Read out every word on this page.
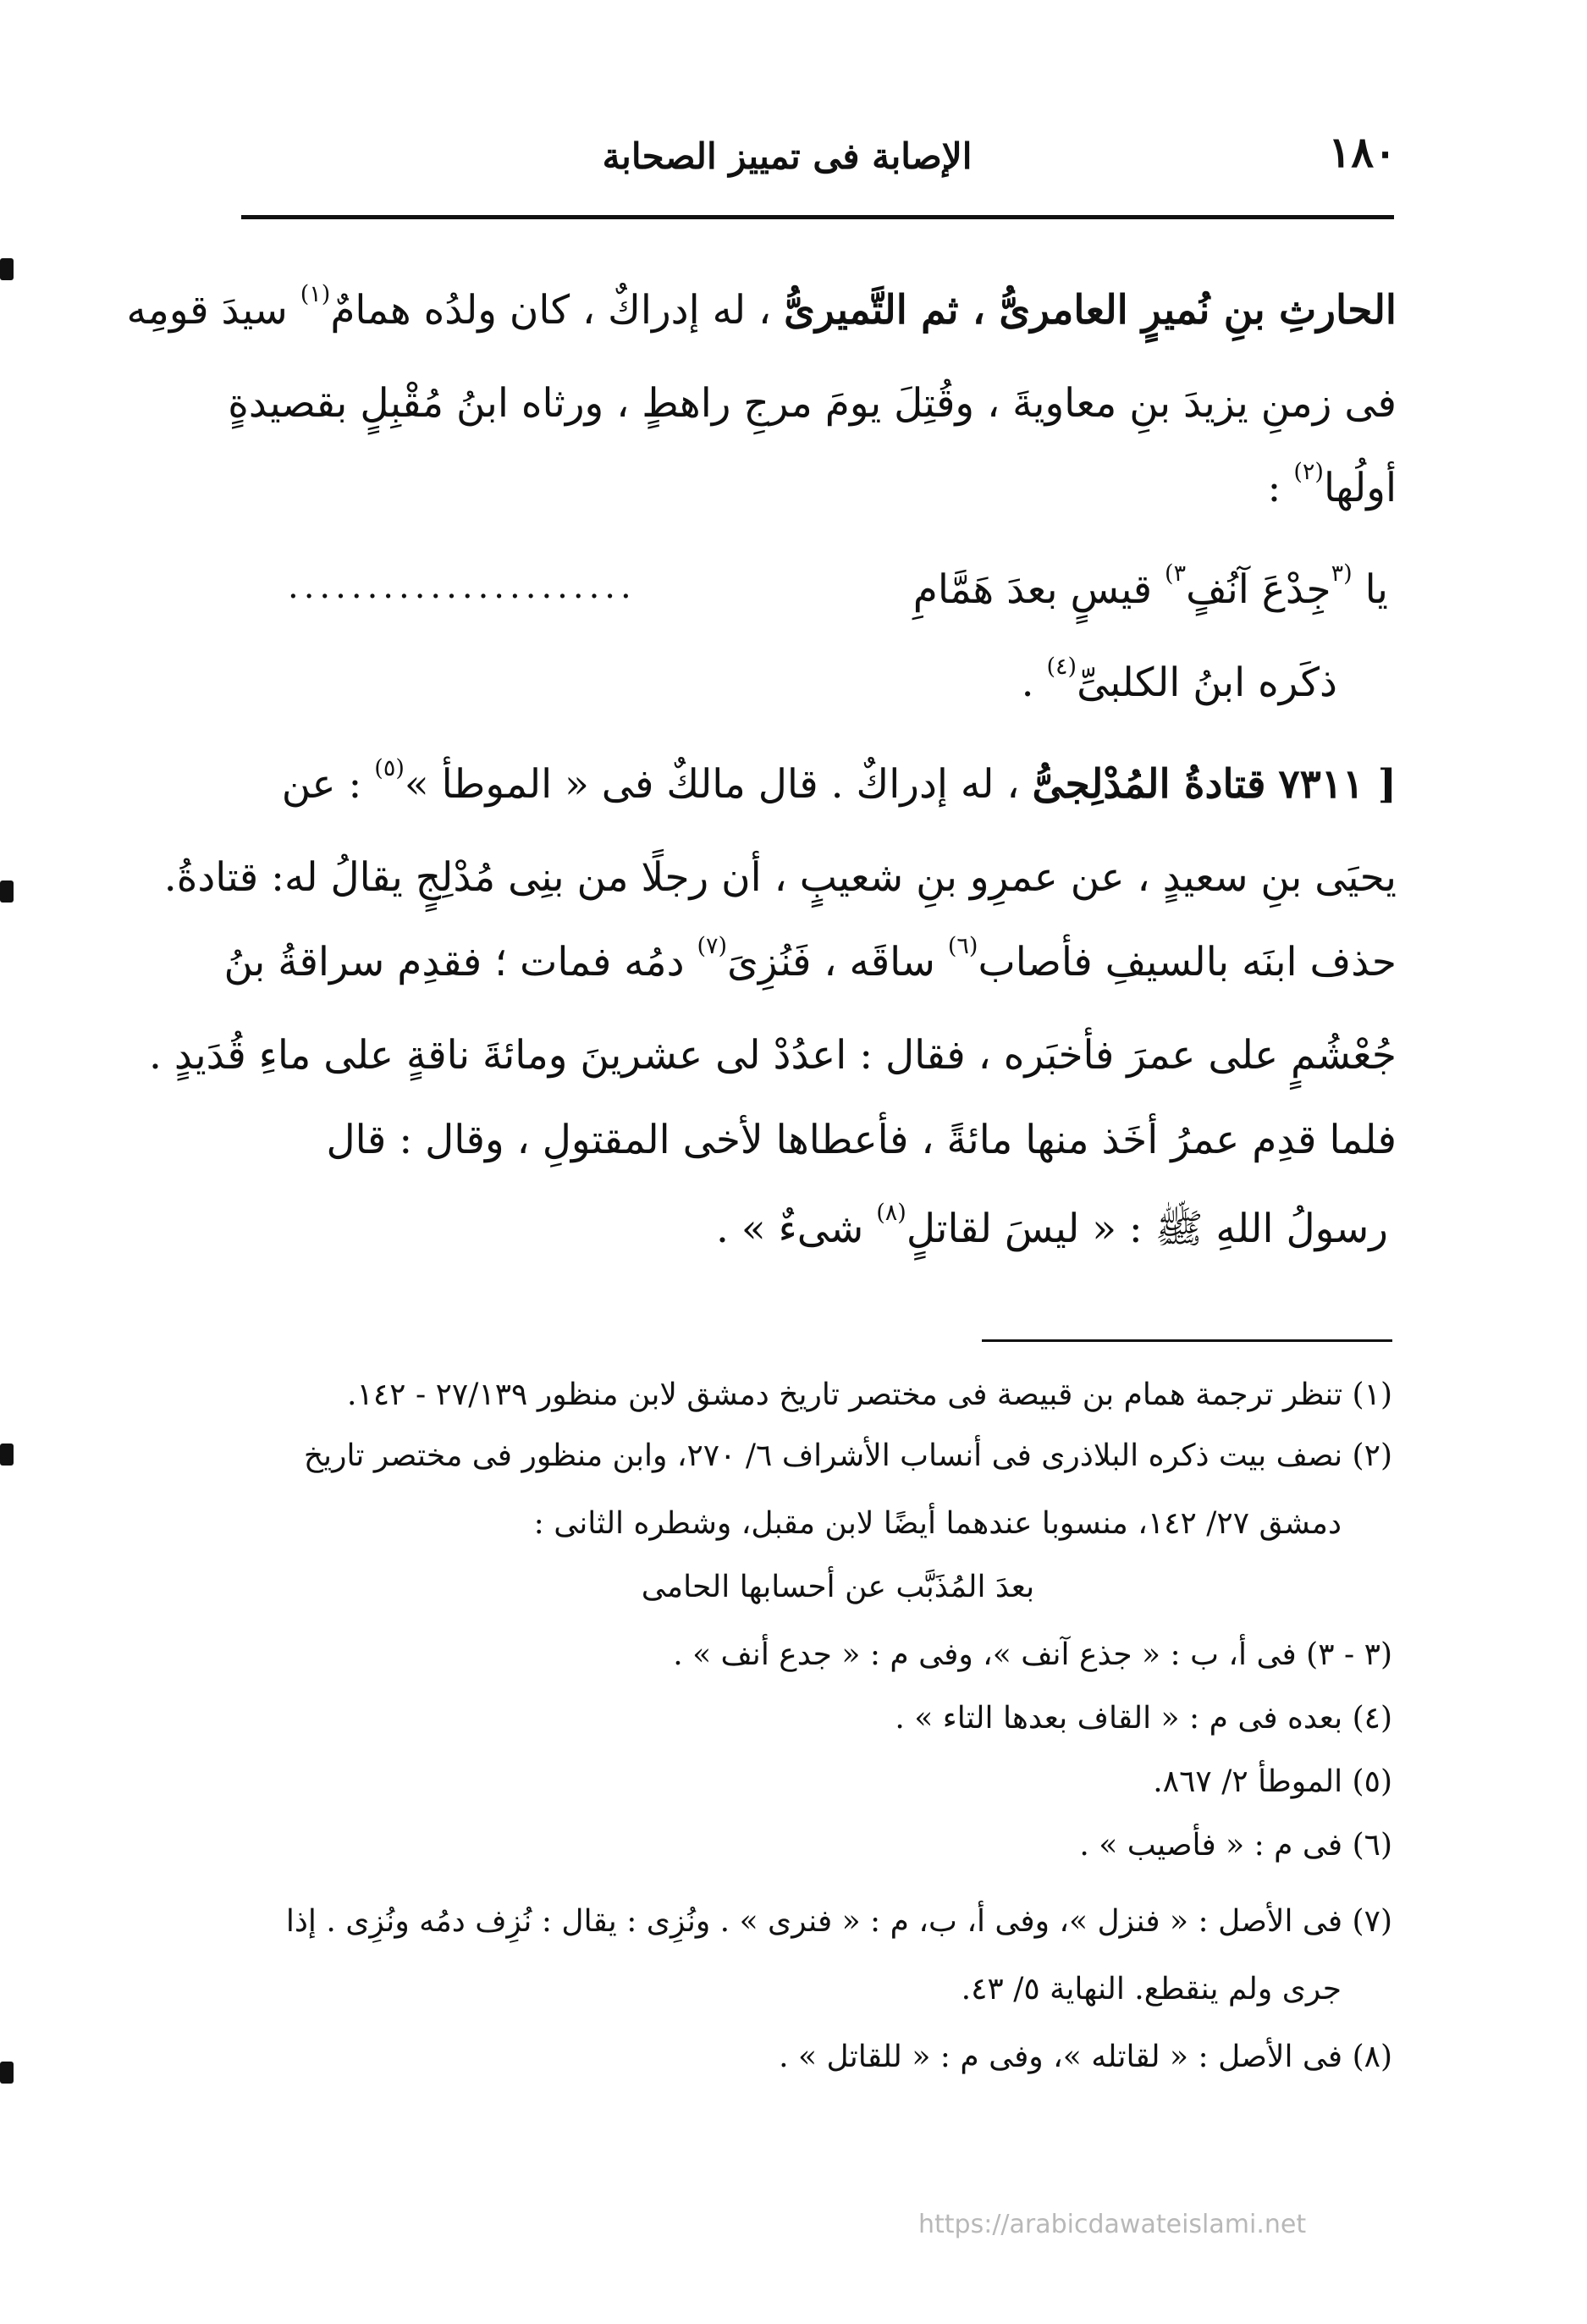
١٨٠
الإصابة فى تمييز الصحابة
الحارثِ بنِ نُميرٍ العامرىُّ ، ثم التَّميرىُّ ، له إدراكٌ ، كان ولدُه همامٌ$^{(١)}$ سيدَ قومِه
فى زمنِ يزيدَ بنِ معاويةَ ، وقُتِلَ يومَ مرجِ راهطٍ ، ورثاه ابنُ مُقْبِلٍ بقصيدةٍ
أولُها$^{(٢)}$ :
يا $^{(٣}$جِدْعَ آنُفٍ$^{٣)}$ قيسٍ بعدَ هَمَّامِ
......................
ذكَره ابنُ الكلبىِّ$^{(٤)}$ .
[ ٧٣١١ قتادةُ المُدْلِجىُّ ، له إدراكٌ . قال مالكٌ فى « الموطأ »$^{(٥)}$ : عن
يحيَى بنِ سعيدٍ ، عن عمرِو بنِ شعيبٍ ، أن رجلًا من بنِى مُدْلِجٍ يقالُ له: قتادةُ.
حذف ابنَه بالسيفِ فأصاب$^{(٦)}$ ساقَه ، فَنُزِىَ$^{(٧)}$ دمُه فمات ؛ فقدِم سراقةُ بنُ
جُعْشُمٍ على عمرَ فأخبَره ، فقال : اعدُدْ لى عشرينَ ومائةَ ناقةٍ على ماءِ قُدَيدٍ .
فلما قدِم عمرُ أخَذ منها مائةً ، فأعطاها لأخى المقتولِ ، وقال : قال
رسولُ اللهِ ﷺ : « ليسَ لقاتلٍ$^{(٨)}$ شىءٌ » .
(١) تنظر ترجمة همام بن قبيصة فى مختصر تاريخ دمشق لابن منظور ٢٧/١٣٩ - ١٤٢.
(٢) نصف بيت ذكره البلاذرى فى أنساب الأشراف ٦/ ٢٧٠، وابن منظور فى مختصر تاريخ
دمشق ٢٧/ ١٤٢، منسوبا عندهما أيضًا لابن مقبل، وشطره الثانى :
بعدَ المُذَبَّب عن أحسابها الحامى
(٣ - ٣) فى أ، ب : « جذع آنف »، وفى م : « جدع أنف » .
(٤) بعده فى م : « القاف بعدها التاء » .
(٥) الموطأ ٢/ ٨٦٧.
(٦) فى م : « فأصيب » .
(٧) فى الأصل : « فنزل »، وفى أ، ب، م : « فنرى » . ونُزِى : يقال : نُزِف دمُه ونُزِى . إذا
جرى ولم ينقطع. النهاية ٥/ ٤٣.
(٨) فى الأصل : « لقاتله »، وفى م : « للقاتل » .
https://arabicdawateislami.net
